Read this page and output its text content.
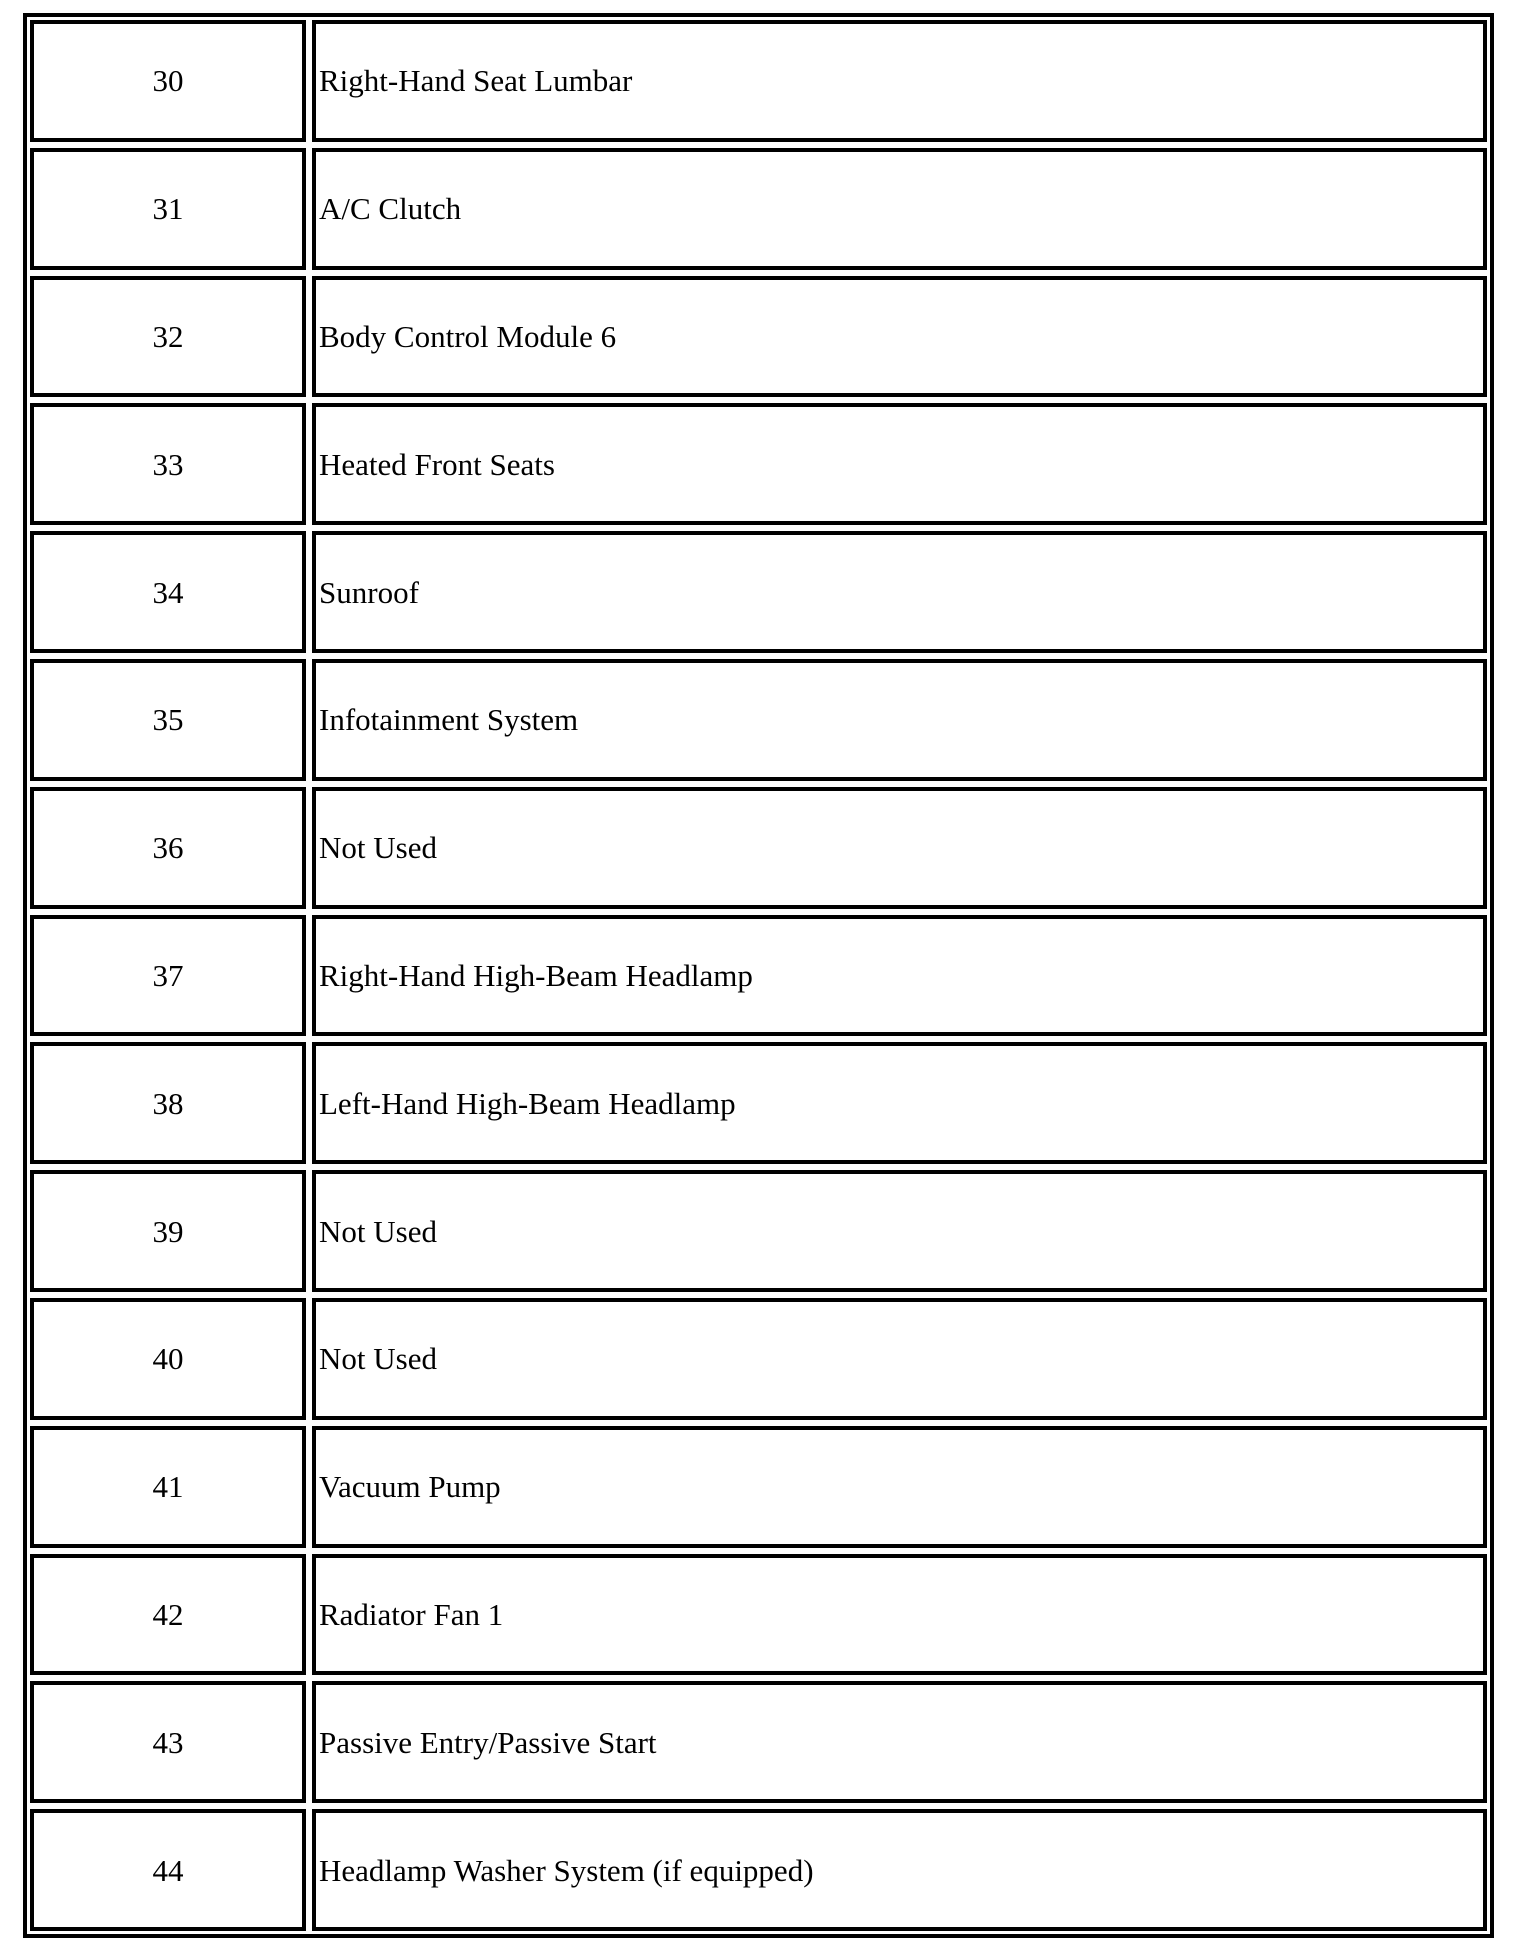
30	Right-Hand Seat Lumbar
31	A/C Clutch
32	Body Control Module 6
33	Heated Front Seats
34	Sunroof
35	Infotainment System
36	Not Used
37	Right-Hand High-Beam Headlamp
38	Left-Hand High-Beam Headlamp
39	Not Used
40	Not Used
41	Vacuum Pump
42	Radiator Fan 1
43	Passive Entry/Passive Start
44	Headlamp Washer System (if equipped)
